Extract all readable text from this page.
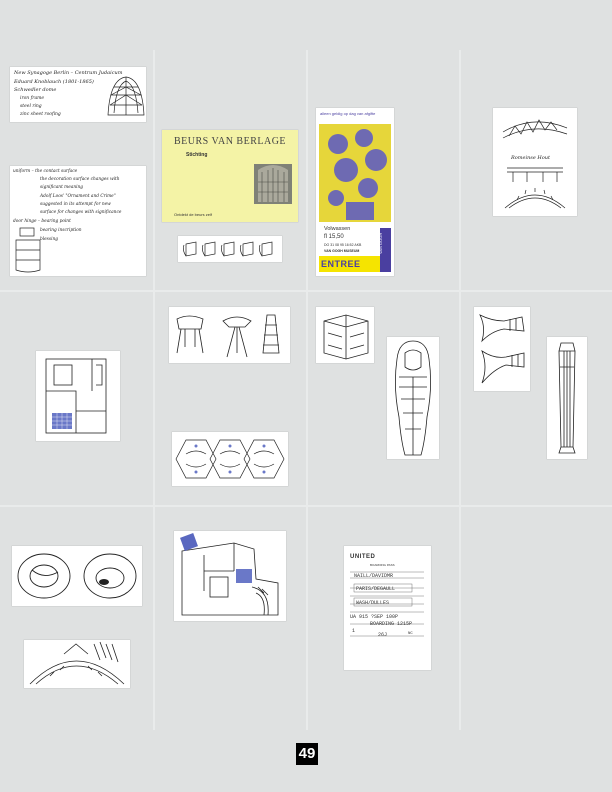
New Synagoge Berlin – Centrum Judaicum
Eduard Knoblauch (1801-1865)
Schwedler dome
iron frame
steel ring
zinc sheet roofing
uniform – the contact surface
the decoration surface changes with
significant meaning
Adolf Loos' "Ornament and Crime"
suggested in its attempt for new
surface for changes with significance
door hinge – bearing point
bearing inscription
blessing
BEURS VAN BERLAGE
Stichting
Ontdekt de beurs zelf
alleen geldig op dag van afgifte
Volwassen
fl 15,50
DO 31 08 95 16:52 AKB
VAN GOGH MUSEUM
ENTREE
VAN GOGH
Romeinse Hout
UNITED
BOARDING PASS
NAILL/DAVIDMR
PARIS/DEGAULL
WASH/DULLES
UA 915 ?SEP 100P
BOARDING 1215P
1
26J	NC
49
